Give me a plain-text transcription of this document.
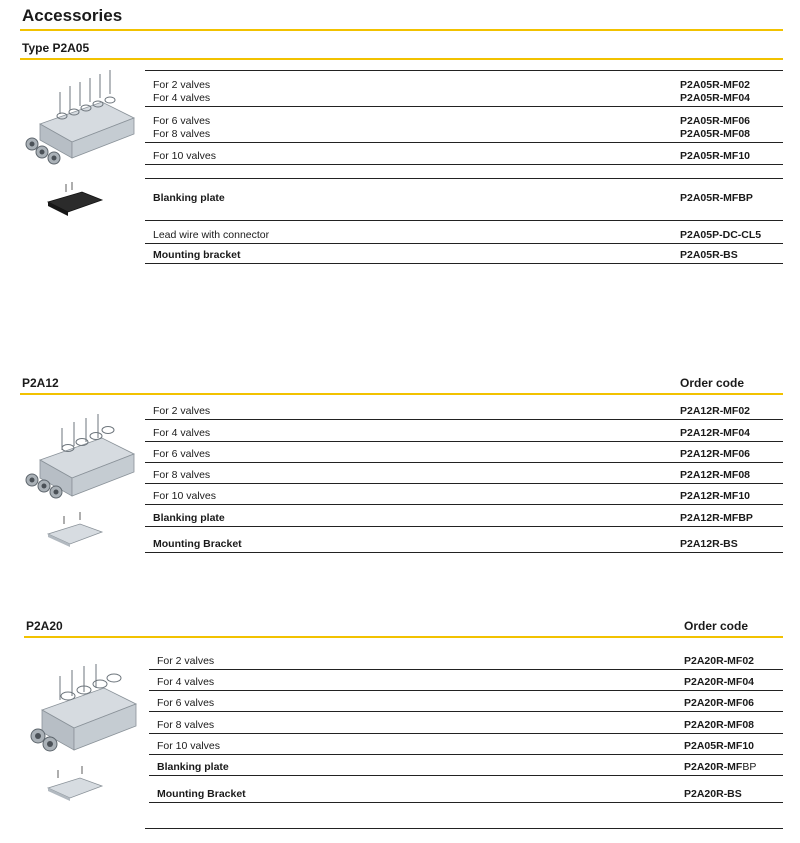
Accessories
Type P2A05
For 2 valves	P2A05R-MF02
For 4 valves	P2A05R-MF04
For 6 valves	P2A05R-MF06
For 8 valves	P2A05R-MF08
For 10 valves	P2A05R-MF10
Blanking plate	P2A05R-MFBP
Lead wire with connector	P2A05P-DC-CL5
Mounting bracket	P2A05R-BS
P2A12	Order code
For 2 valves	P2A12R-MF02
For 4 valves	P2A12R-MF04
For 6 valves	P2A12R-MF06
For 8 valves	P2A12R-MF08
For 10 valves	P2A12R-MF10
Blanking plate	P2A12R-MFBP
Mounting Bracket	P2A12R-BS
P2A20	Order code
For 2 valves	P2A20R-MF02
For 4 valves	P2A20R-MF04
For 6 valves	P2A20R-MF06
For 8 valves	P2A20R-MF08
For 10 valves	P2A05R-MF10
Blanking plate	P2A20R-MFBP
Mounting Bracket	P2A20R-BS
